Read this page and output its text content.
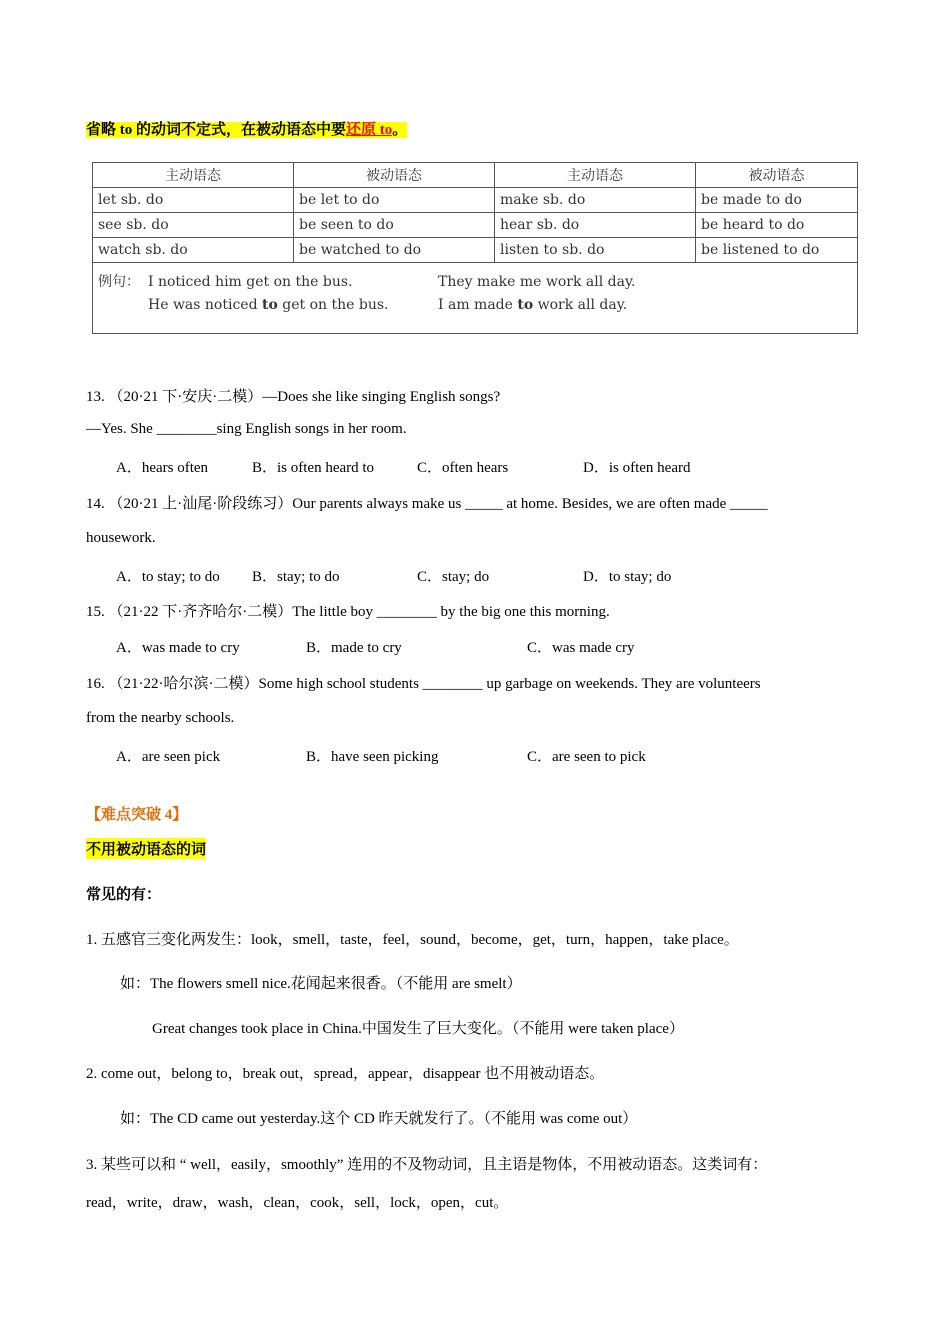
省略 to 的动词不定式，在被动语态中要还原 to。
主动语态	被动语态	主动语态	被动语态
let sb. do	be let to do	make sb. do	be made to do
see sb. do	be seen to do	hear sb. do	be heard to do
watch sb. do	be watched to do	listen to sb. do	be listened to do

例句： I noticed him get on the bus. They make me work all day.
He was noticed to get on the bus. I am made to work all day.			
13. （20·21 下·安庆·二模）—Does she like singing English songs?
—Yes. She ________sing English songs in her room.
A．hears often	B．is often heard to	C．often hears	D．is often heard
14. （20·21 上·汕尾·阶段练习）Our parents always make us _____ at home. Besides, we are often made _____
housework.
A．to stay; to do B．stay; to do	C．stay; do	D．to stay; do
15. （21·22 下·齐齐哈尔·二模）The little boy ________ by the big one this morning.
A．was made to cry	B．made to cry	C．was made cry
16. （21·22·哈尔滨·二模）Some high school students ________ up garbage on weekends. They are volunteers
from the nearby schools.
A．are seen pick	B．have seen picking	C．are seen to pick
【难点突破 4】
不用被动语态的词
常见的有：
1. 五感官三变化两发生：look，smell，taste，feel，sound，become，get，turn，happen，take place。
如：The flowers smell nice.花闻起来很香。（不能用 are smelt）
Great changes took place in China.中国发生了巨大变化。（不能用 were taken place）
2. come out，belong to，break out，spread，appear，disappear 也不用被动语态。
如：The CD came out yesterday.这个 CD 昨天就发行了。（不能用 was come out）
3. 某些可以和 “ well，easily，smoothly” 连用的不及物动词，且主语是物体，不用被动语态。这类词有：
read，write，draw，wash，clean，cook，sell，lock，open，cut。
